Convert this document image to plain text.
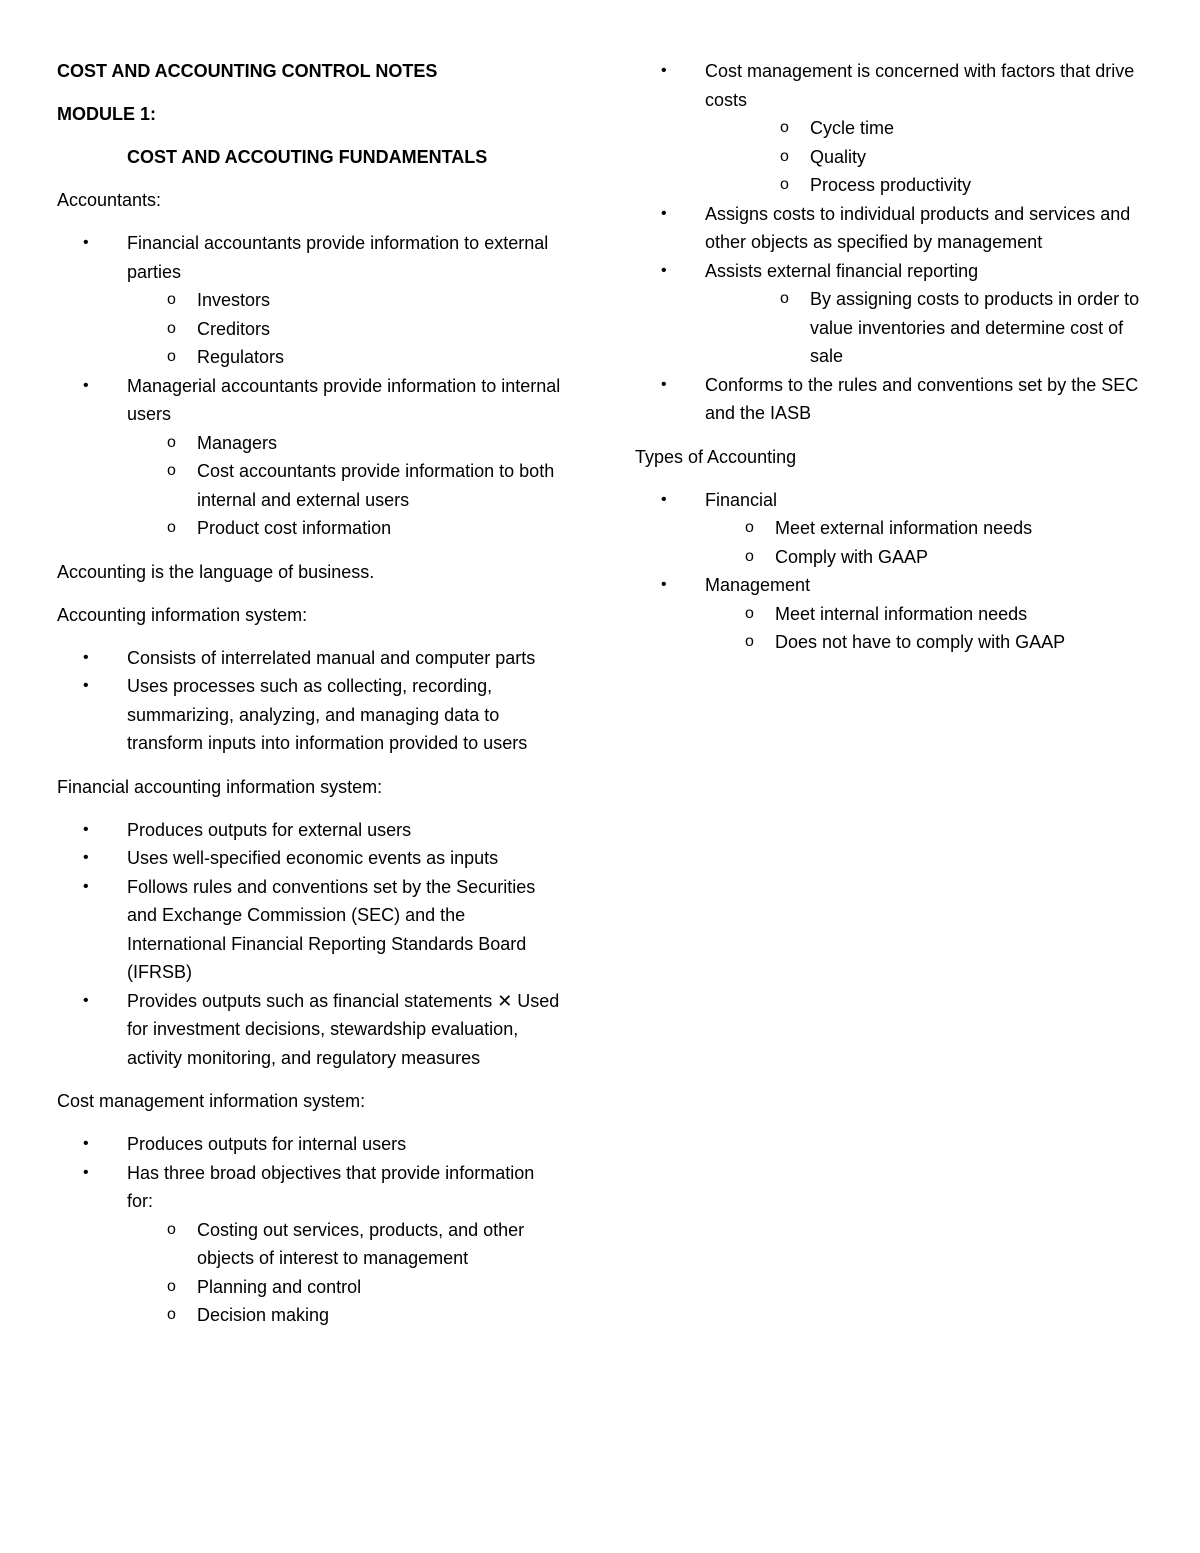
COST AND ACCOUNTING CONTROL NOTES

MODULE 1:

COST AND ACCOUTING FUNDAMENTALS

Accountants:

• Financial accountants provide information to external parties
o Investors
o Creditors
o Regulators
• Managerial accountants provide information to internal users
o Managers
o Cost accountants provide information to both internal and external users
o Product cost information

Accounting is the language of business.

Accounting information system:

• Consists of interrelated manual and computer parts
• Uses processes such as collecting, recording, summarizing, analyzing, and managing data to transform inputs into information provided to users

Financial accounting information system:

• Produces outputs for external users
• Uses well-specified economic events as inputs
• Follows rules and conventions set by the Securities and Exchange Commission (SEC) and the International Financial Reporting Standards Board (IFRSB)
• Provides outputs such as financial statements ✕ Used for investment decisions, stewardship evaluation, activity monitoring, and regulatory measures

Cost management information system:

• Produces outputs for internal users
• Has three broad objectives that provide information for:
o Costing out services, products, and other objects of interest to management
o Planning and control
o Decision making
• Cost management is concerned with factors that drive costs
o Cycle time
o Quality
o Process productivity
• Assigns costs to individual products and services and other objects as specified by management
• Assists external financial reporting
o By assigning costs to products in order to value inventories and determine cost of sale
• Conforms to the rules and conventions set by the SEC and the IASB

Types of Accounting

• Financial
o Meet external information needs
o Comply with GAAP
• Management
o Meet internal information needs
o Does not have to comply with GAAP
